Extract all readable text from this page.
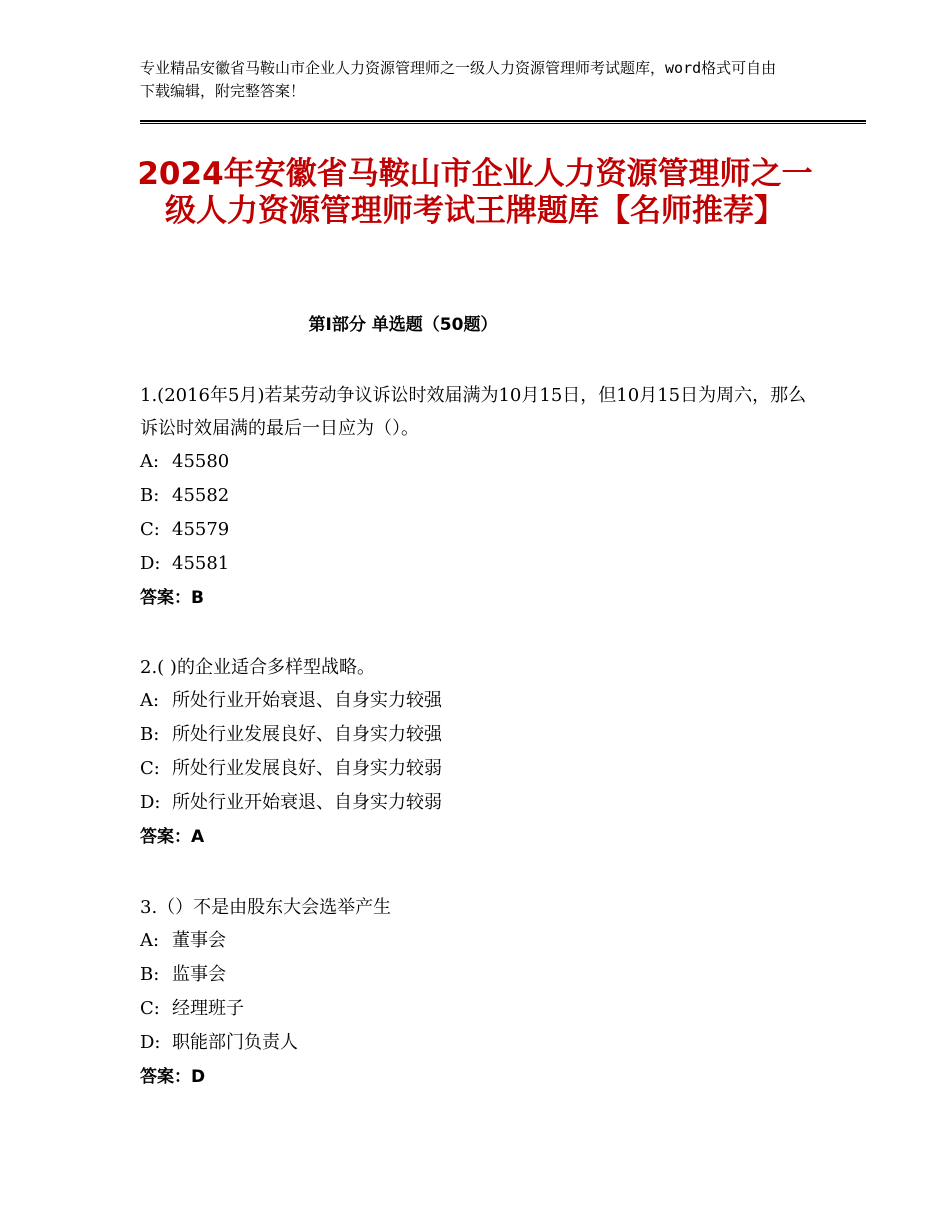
专业精品安徽省马鞍山市企业人力资源管理师之一级人力资源管理师考试题库，word格式可自由下载编辑，附完整答案！
2024年安徽省马鞍山市企业人力资源管理师之一级人力资源管理师考试王牌题库【名师推荐】
第Ⅰ部分 单选题（50题）
1.(2016年5月)若某劳动争议诉讼时效届满为10月15日，但10月15日为周六，那么诉讼时效届满的最后一日应为（）。
A: 45580
B: 45582
C: 45579
D: 45581
答案：B
2.( )的企业适合多样型战略。
A: 所处行业开始衰退、自身实力较强
B: 所处行业发展良好、自身实力较强
C: 所处行业发展良好、自身实力较弱
D: 所处行业开始衰退、自身实力较弱
答案：A
3.（）不是由股东大会选举产生
A: 董事会
B: 监事会
C: 经理班子
D: 职能部门负责人
答案：D
